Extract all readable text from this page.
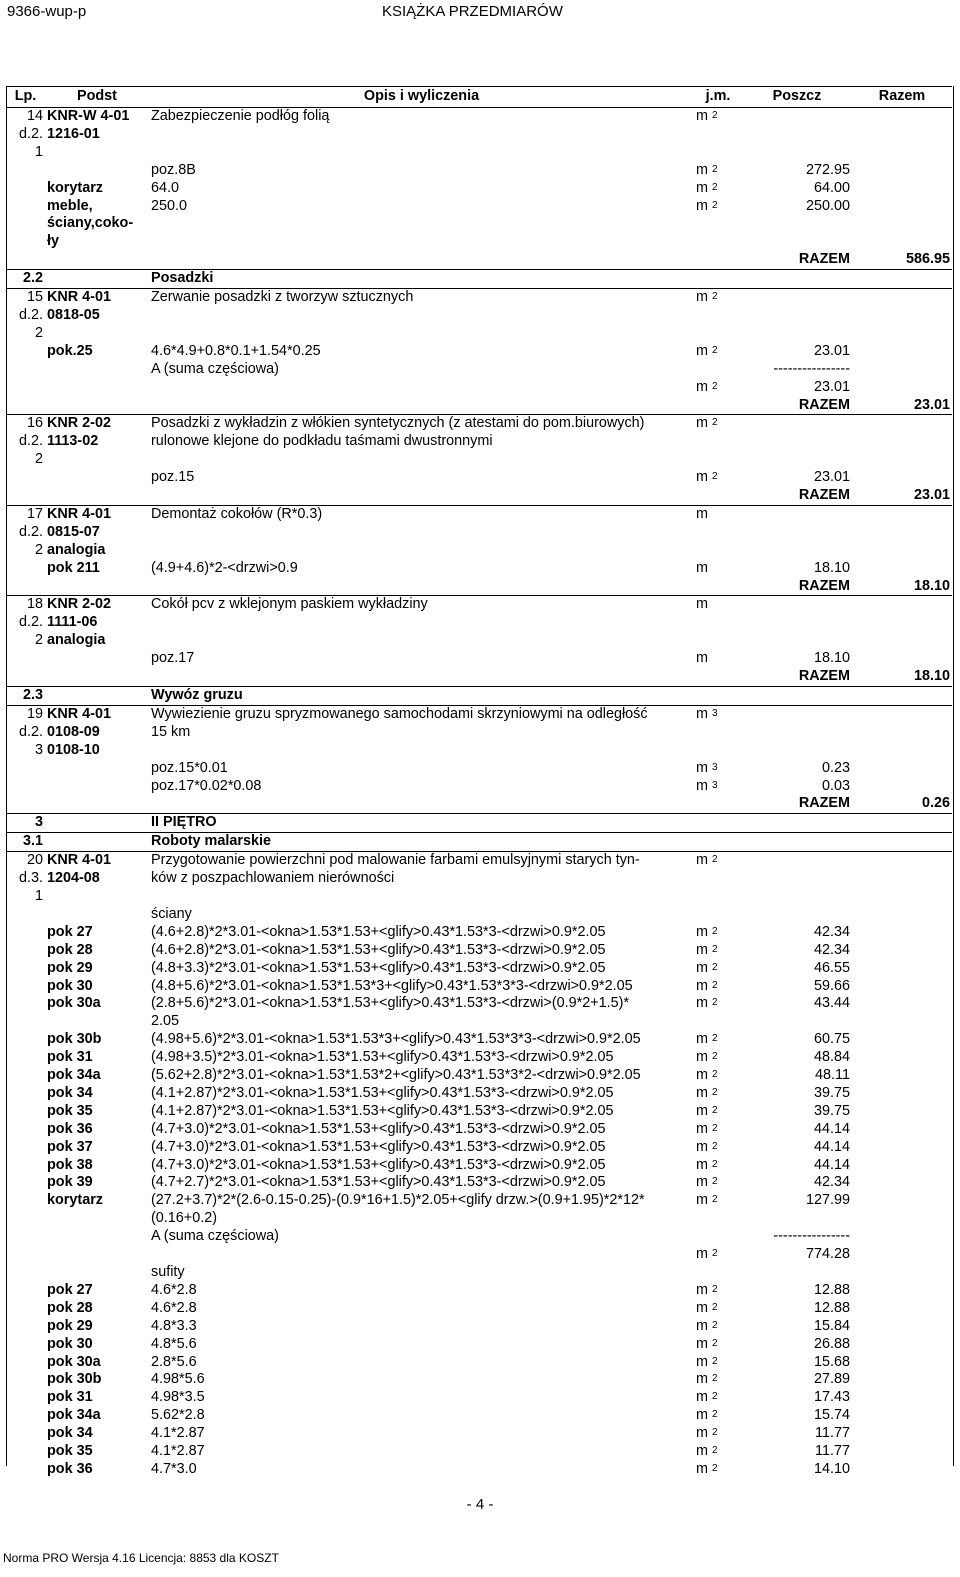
9366-wup-p	KSIĄŻKA PRZEDMIARÓW
Lp.	Podst	Opis i wyliczenia	j.m.	Poszcz	Razem
14	KNR-W 4-01	Zabezpieczenie podłóg folią	m $^2$		
d.2.	1216-01				
1					
		poz.8B	m $^2$	272.95	
	korytarz	64.0	m $^2$	64.00	
	meble,	250.0	m $^2$	250.00	
	ściany,coko-				
	ły				
				RAZEM	586.95
2.2		Posadzki			
15	KNR 4-01	Zerwanie posadzki z tworzyw sztucznych	m $^2$		
d.2.	0818-05				
2					
	pok.25	4.6*4.9+0.8*0.1+1.54*0.25	m $^2$	23.01	
		A (suma częściowa)		----------------	
			m $^2$	23.01	
				RAZEM	23.01
16	KNR 2-02	Posadzki z wykładzin z włókien syntetycznych (z atestami do pom.biurowych)	m $^2$		
d.2.	1113-02	rulonowe klejone do podkładu taśmami dwustronnymi			
2					
		poz.15	m $^2$	23.01	
				RAZEM	23.01
17	KNR 4-01	Demontaż cokołów (R*0.3)	m		
d.2.	0815-07				
2	analogia				
	pok 211	(4.9+4.6)*2-<drzwi>0.9	m	18.10	
				RAZEM	18.10
18	KNR 2-02	Cokół pcv z wklejonym paskiem wykładziny	m		
d.2.	1111-06				
2	analogia				
		poz.17	m	18.10	
				RAZEM	18.10
2.3		Wywóz gruzu			
19	KNR 4-01	Wywiezienie gruzu spryzmowanego samochodami skrzyniowymi na odległość	m $^3$		
d.2.	0108-09	15 km			
3	0108-10				
		poz.15*0.01	m $^3$	0.23	
		poz.17*0.02*0.08	m $^3$	0.03	
				RAZEM	0.26
3		II PIĘTRO			
3.1		Roboty malarskie			
20	KNR 4-01	Przygotowanie powierzchni pod malowanie farbami emulsyjnymi starych tyn-	m $^2$		
d.3.	1204-08	ków z poszpachlowaniem nierówności			
1					
		ściany			
	pok 27	(4.6+2.8)*2*3.01-<okna>1.53*1.53+<glify>0.43*1.53*3-<drzwi>0.9*2.05	m $^2$	42.34	
	pok 28	(4.6+2.8)*2*3.01-<okna>1.53*1.53+<glify>0.43*1.53*3-<drzwi>0.9*2.05	m $^2$	42.34	
	pok 29	(4.8+3.3)*2*3.01-<okna>1.53*1.53+<glify>0.43*1.53*3-<drzwi>0.9*2.05	m $^2$	46.55	
	pok 30	(4.8+5.6)*2*3.01-<okna>1.53*1.53*3+<glify>0.43*1.53*3*3-<drzwi>0.9*2.05	m $^2$	59.66	
	pok 30a	(2.8+5.6)*2*3.01-<okna>1.53*1.53+<glify>0.43*1.53*3-<drzwi>(0.9*2+1.5)*	m $^2$	43.44	
		2.05			
	pok 30b	(4.98+5.6)*2*3.01-<okna>1.53*1.53*3+<glify>0.43*1.53*3*3-<drzwi>0.9*2.05	m $^2$	60.75	
	pok 31	(4.98+3.5)*2*3.01-<okna>1.53*1.53+<glify>0.43*1.53*3-<drzwi>0.9*2.05	m $^2$	48.84	
	pok 34a	(5.62+2.8)*2*3.01-<okna>1.53*1.53*2+<glify>0.43*1.53*3*2-<drzwi>0.9*2.05	m $^2$	48.11	
	pok 34	(4.1+2.87)*2*3.01-<okna>1.53*1.53+<glify>0.43*1.53*3-<drzwi>0.9*2.05	m $^2$	39.75	
	pok 35	(4.1+2.87)*2*3.01-<okna>1.53*1.53+<glify>0.43*1.53*3-<drzwi>0.9*2.05	m $^2$	39.75	
	pok 36	(4.7+3.0)*2*3.01-<okna>1.53*1.53+<glify>0.43*1.53*3-<drzwi>0.9*2.05	m $^2$	44.14	
	pok 37	(4.7+3.0)*2*3.01-<okna>1.53*1.53+<glify>0.43*1.53*3-<drzwi>0.9*2.05	m $^2$	44.14	
	pok 38	(4.7+3.0)*2*3.01-<okna>1.53*1.53+<glify>0.43*1.53*3-<drzwi>0.9*2.05	m $^2$	44.14	
	pok 39	(4.7+2.7)*2*3.01-<okna>1.53*1.53+<glify>0.43*1.53*3-<drzwi>0.9*2.05	m $^2$	42.34	
	korytarz	(27.2+3.7)*2*(2.6-0.15-0.25)-(0.9*16+1.5)*2.05+<glify drzw.>(0.9+1.95)*2*12*	m $^2$	127.99	
		(0.16+0.2)			
		A (suma częściowa)		----------------	
			m $^2$	774.28	
		sufity			
	pok 27	4.6*2.8	m $^2$	12.88	
	pok 28	4.6*2.8	m $^2$	12.88	
	pok 29	4.8*3.3	m $^2$	15.84	
	pok 30	4.8*5.6	m $^2$	26.88	
	pok 30a	2.8*5.6	m $^2$	15.68	
	pok 30b	4.98*5.6	m $^2$	27.89	
	pok 31	4.98*3.5	m $^2$	17.43	
	pok 34a	5.62*2.8	m $^2$	15.74	
	pok 34	4.1*2.87	m $^2$	11.77	
	pok 35	4.1*2.87	m $^2$	11.77	
	pok 36	4.7*3.0	m $^2$	14.10	
- 4 -
Norma PRO Wersja 4.16 Licencja: 8853 dla KOSZT
